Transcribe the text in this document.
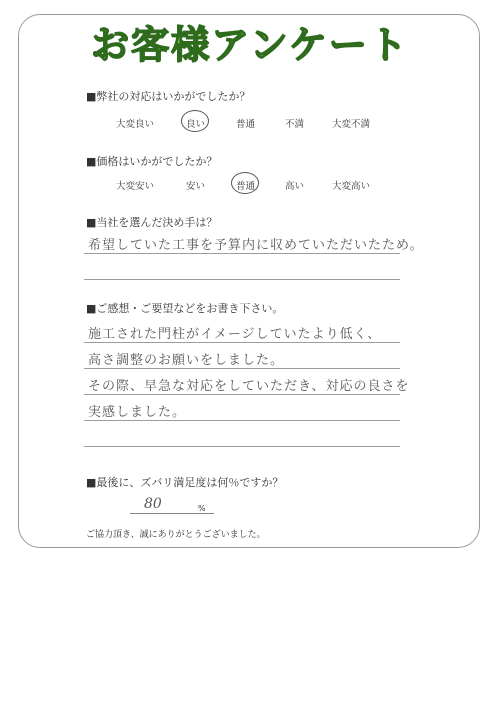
お客様アンケート
■弊社の対応はいかがでしたか？
大変良い	良い	普通	不満	大変不満
■価格はいかがでしたか？
大変安い	安い	普通	高い	大変高い
■当社を選んだ決め手は？
希望していた工事を予算内に収めていただいたため。
■ご感想・ご要望などをお書き下さい。
施工された門柱がイメージしていたより低く、
高さ調整のお願いをしました。
その際、早急な対応をしていただき、対応の良さを
実感しました。
■最後に、ズバリ満足度は何％ですか？
80	%
ご協力頂き、誠にありがとうございました。
